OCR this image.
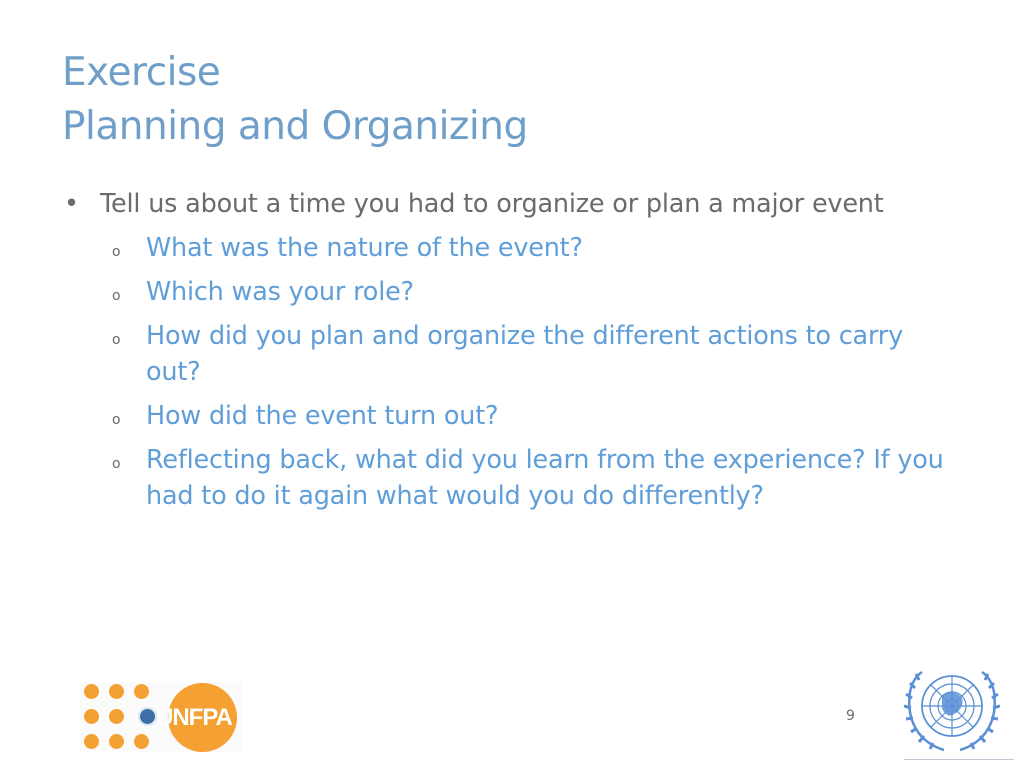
Exercise
Planning and Organizing
• Tell us about a time you had to organize or plan a major event
o What was the nature of the event?
o Which was your role?
o How did you plan and organize the different actions to carry out?
o How did the event turn out?
o Reflecting back, what did you learn from the experience? If you had to do it again what would you do differently?
UNFPA	9
